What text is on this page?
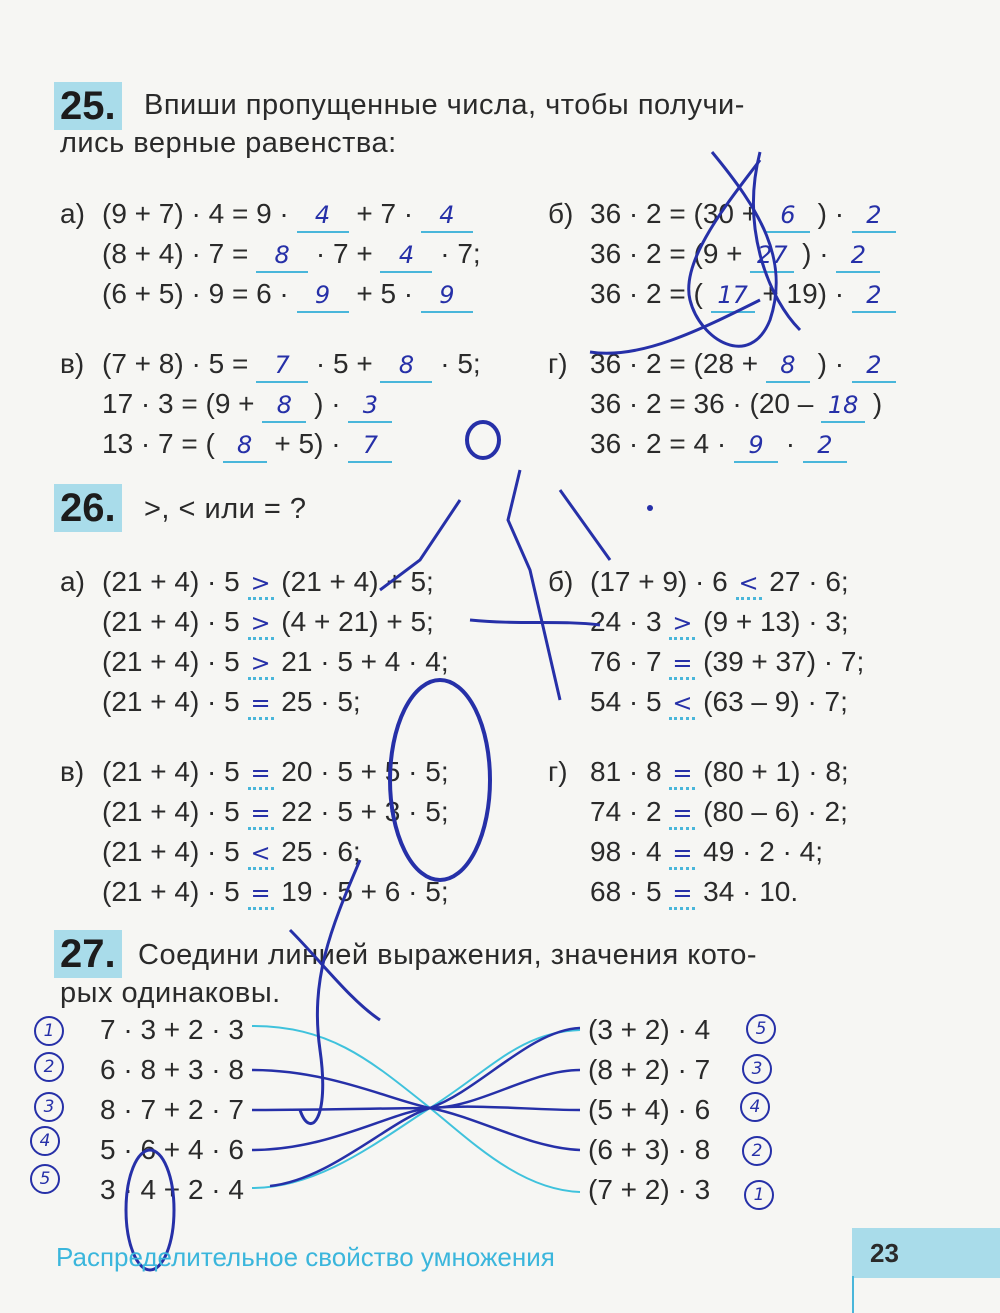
25. Впиши пропущенные числа, чтобы получи-
лись верные равенства:
а) (9 + 7) · 4 = 9 · 4 + 7 · 4
(8 + 4) · 7 = 8 · 7 + 4 · 7;
(6 + 5) · 9 = 6 · 9 + 5 · 9
б) 36 · 2 = (30 + 6 ) · 2
36 · 2 = (9 + 27 ) · 2
36 · 2 = ( 17 + 19) · 2
в) (7 + 8) · 5 = 7 · 5 + 8 · 5;
17 · 3 = (9 + 8 ) · 3
13 · 7 = ( 8 + 5) · 7
г) 36 · 2 = (28 + 8 ) · 2
36 · 2 = 36 · (20 – 18 )
36 · 2 = 4 · 9 · 2
26. >, < или = ?
а) (21 + 4) · 5 > (21 + 4) + 5;
(21 + 4) · 5 > (4 + 21) + 5;
(21 + 4) · 5 > 21 · 5 + 4 · 4;
(21 + 4) · 5 = 25 · 5;
б) (17 + 9) · 6 < 27 · 6;
24 · 3 > (9 + 13) · 3;
76 · 7 = (39 + 37) · 7;
54 · 5 < (63 – 9) · 7;
в) (21 + 4) · 5 = 20 · 5 + 5 · 5;
(21 + 4) · 5 = 22 · 5 + 3 · 5;
(21 + 4) · 5 < 25 · 6;
(21 + 4) · 5 = 19 · 5 + 6 · 5;
г) 81 · 8 = (80 + 1) · 8;
74 · 2 = (80 – 6) · 2;
98 · 4 = 49 · 2 · 4;
68 · 5 = 34 · 10.
27. Соедини линией выражения, значения кото-
рых одинаковы.
1	7 · 3 + 2 · 3
2	6 · 8 + 3 · 8
3	8 · 7 + 2 · 7
4	5 · 6 + 4 · 6
5	3 · 4 + 2 · 4
(3 + 2) · 4	5
(8 + 2) · 7	3
(5 + 4) · 6	4
(6 + 3) · 8	2
(7 + 2) · 3	1
Распределительное свойство умножения	23
